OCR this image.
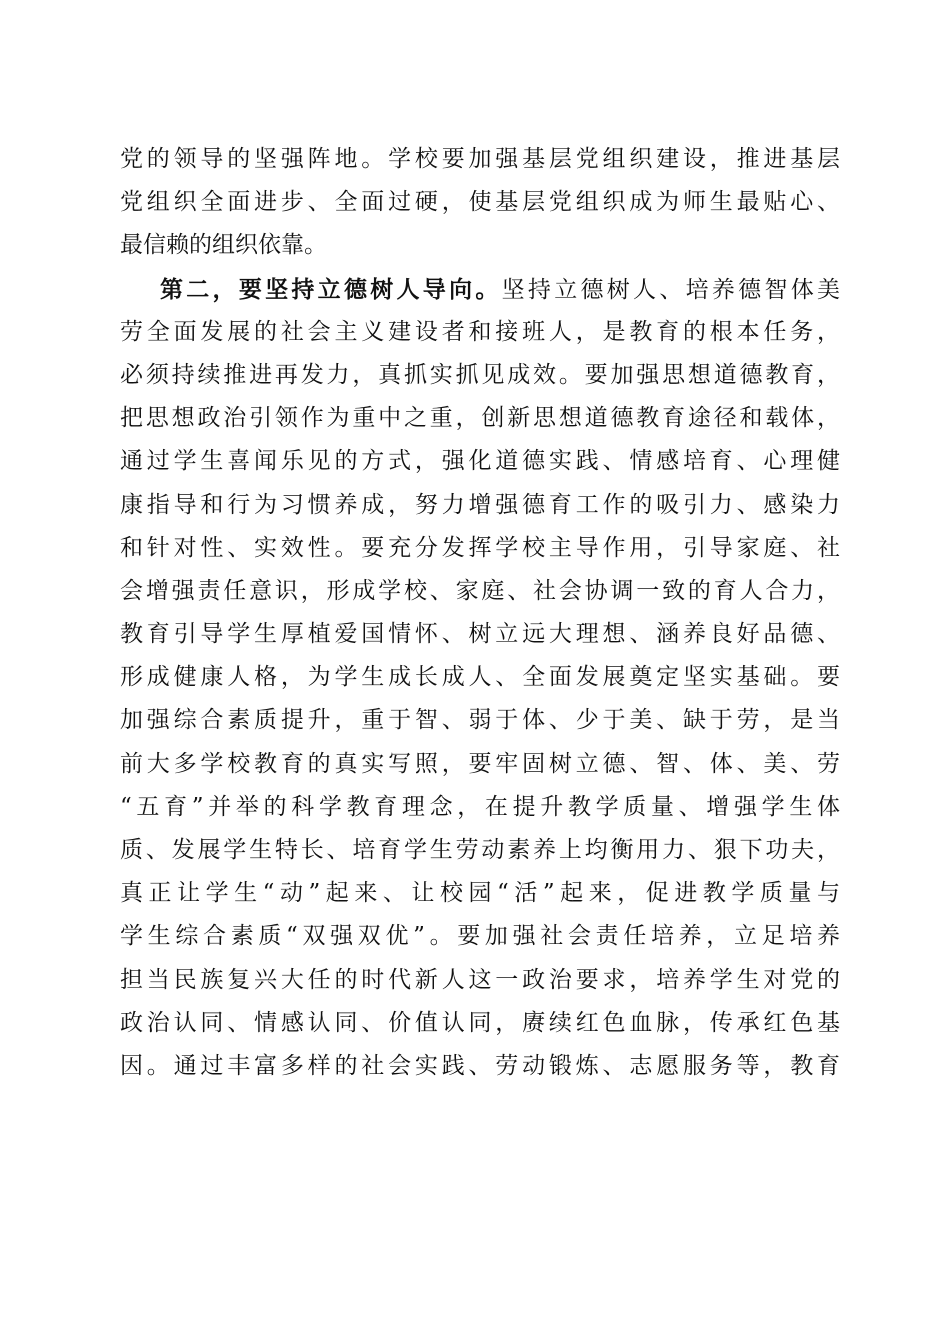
党的领导的坚强阵地。学校要加强基层党组织建设，推进基层
党组织全面进步、全面过硬，使基层党组织成为师生最贴心、
最信赖的组织依靠。
第二，要坚持立德树人导向。坚持立德树人、培养德智体美
劳全面发展的社会主义建设者和接班人，是教育的根本任务，
必须持续推进再发力，真抓实抓见成效。要加强思想道德教育，
把思想政治引领作为重中之重，创新思想道德教育途径和载体，
通过学生喜闻乐见的方式，强化道德实践、情感培育、心理健
康指导和行为习惯养成，努力增强德育工作的吸引力、感染力
和针对性、实效性。要充分发挥学校主导作用，引导家庭、社
会增强责任意识，形成学校、家庭、社会协调一致的育人合力，
教育引导学生厚植爱国情怀、树立远大理想、涵养良好品德、
形成健康人格，为学生成长成人、全面发展奠定坚实基础。要
加强综合素质提升，重于智、弱于体、少于美、缺于劳，是当
前大多学校教育的真实写照，要牢固树立德、智、体、美、劳
“五育”并举的科学教育理念，在提升教学质量、增强学生体
质、发展学生特长、培育学生劳动素养上均衡用力、狠下功夫，
真正让学生“动”起来、让校园“活”起来，促进教学质量与
学生综合素质“双强双优”。要加强社会责任培养，立足培养
担当民族复兴大任的时代新人这一政治要求，培养学生对党的
政治认同、情感认同、价值认同，赓续红色血脉，传承红色基
因。通过丰富多样的社会实践、劳动锻炼、志愿服务等，教育
